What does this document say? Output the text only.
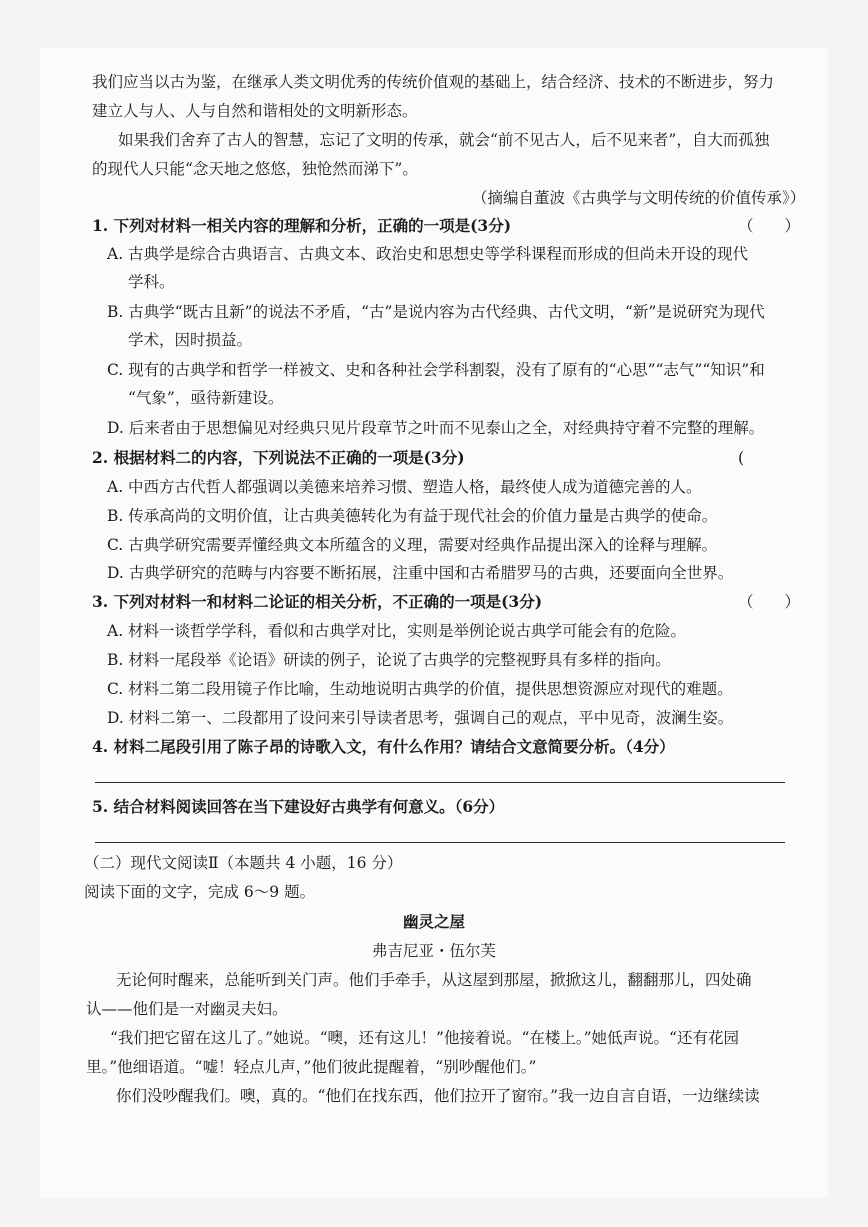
我们应当以古为鉴，在继承人类文明优秀的传统价值观的基础上，结合经济、技术的不断进步，努力
建立人与人、人与自然和谐相处的文明新形态。
如果我们舍弃了古人的智慧，忘记了文明的传承，就会“前不见古人，后不见来者”，自大而孤独
的现代人只能“念天地之悠悠，独怆然而涕下”。
（摘编自董波《古典学与文明传统的价值传承》）
1. 下列对材料一相关内容的理解和分析，正确的一项是(3分)	（　　）
A. 古典学是综合古典语言、古典文本、政治史和思想史等学科课程而形成的但尚未开设的现代
学科。
B. 古典学“既古且新”的说法不矛盾，“古”是说内容为古代经典、古代文明，“新”是说研究为现代
学术，因时损益。
C. 现有的古典学和哲学一样被文、史和各种社会学科割裂，没有了原有的“心思”“志气”“知识”和
“气象”，亟待新建设。
D. 后来者由于思想偏见对经典只见片段章节之叶而不见泰山之全，对经典持守着不完整的理解。
2. 根据材料二的内容，下列说法不正确的一项是(3分)	(
A. 中西方古代哲人都强调以美德来培养习惯、塑造人格，最终使人成为道德完善的人。
B. 传承高尚的文明价值，让古典美德转化为有益于现代社会的价值力量是古典学的使命。
C. 古典学研究需要弄懂经典文本所蕴含的义理，需要对经典作品提出深入的诠释与理解。
D. 古典学研究的范畴与内容要不断拓展，注重中国和古希腊罗马的古典，还要面向全世界。
3. 下列对材料一和材料二论证的相关分析，不正确的一项是(3分)	（　　）
A. 材料一谈哲学学科，看似和古典学对比，实则是举例论说古典学可能会有的危险。
B. 材料一尾段举《论语》研读的例子，论说了古典学的完整视野具有多样的指向。
C. 材料二第二段用镜子作比喻，生动地说明古典学的价值，提供思想资源应对现代的难题。
D. 材料二第一、二段都用了设问来引导读者思考，强调自己的观点，平中见奇，波澜生姿。
4. 材料二尾段引用了陈子昂的诗歌入文，有什么作用？请结合文意简要分析。（4分）
5. 结合材料阅读回答在当下建设好古典学有何意义。（6分）
（二）现代文阅读Ⅱ（本题共 4 小题，16 分）
阅读下面的文字，完成 6～9 题。
幽灵之屋
弗吉尼亚・伍尔芙
无论何时醒来，总能听到关门声。他们手牵手，从这屋到那屋，掀掀这儿，翻翻那儿，四处确
认——他们是一对幽灵夫妇。
“我们把它留在这儿了。”她说。“噢，还有这儿！”他接着说。“在楼上。”她低声说。“还有花园
里。”他细语道。“嘘！轻点儿声，”他们彼此提醒着，“别吵醒他们。”
你们没吵醒我们。噢，真的。“他们在找东西，他们拉开了窗帘。”我一边自言自语，一边继续读
